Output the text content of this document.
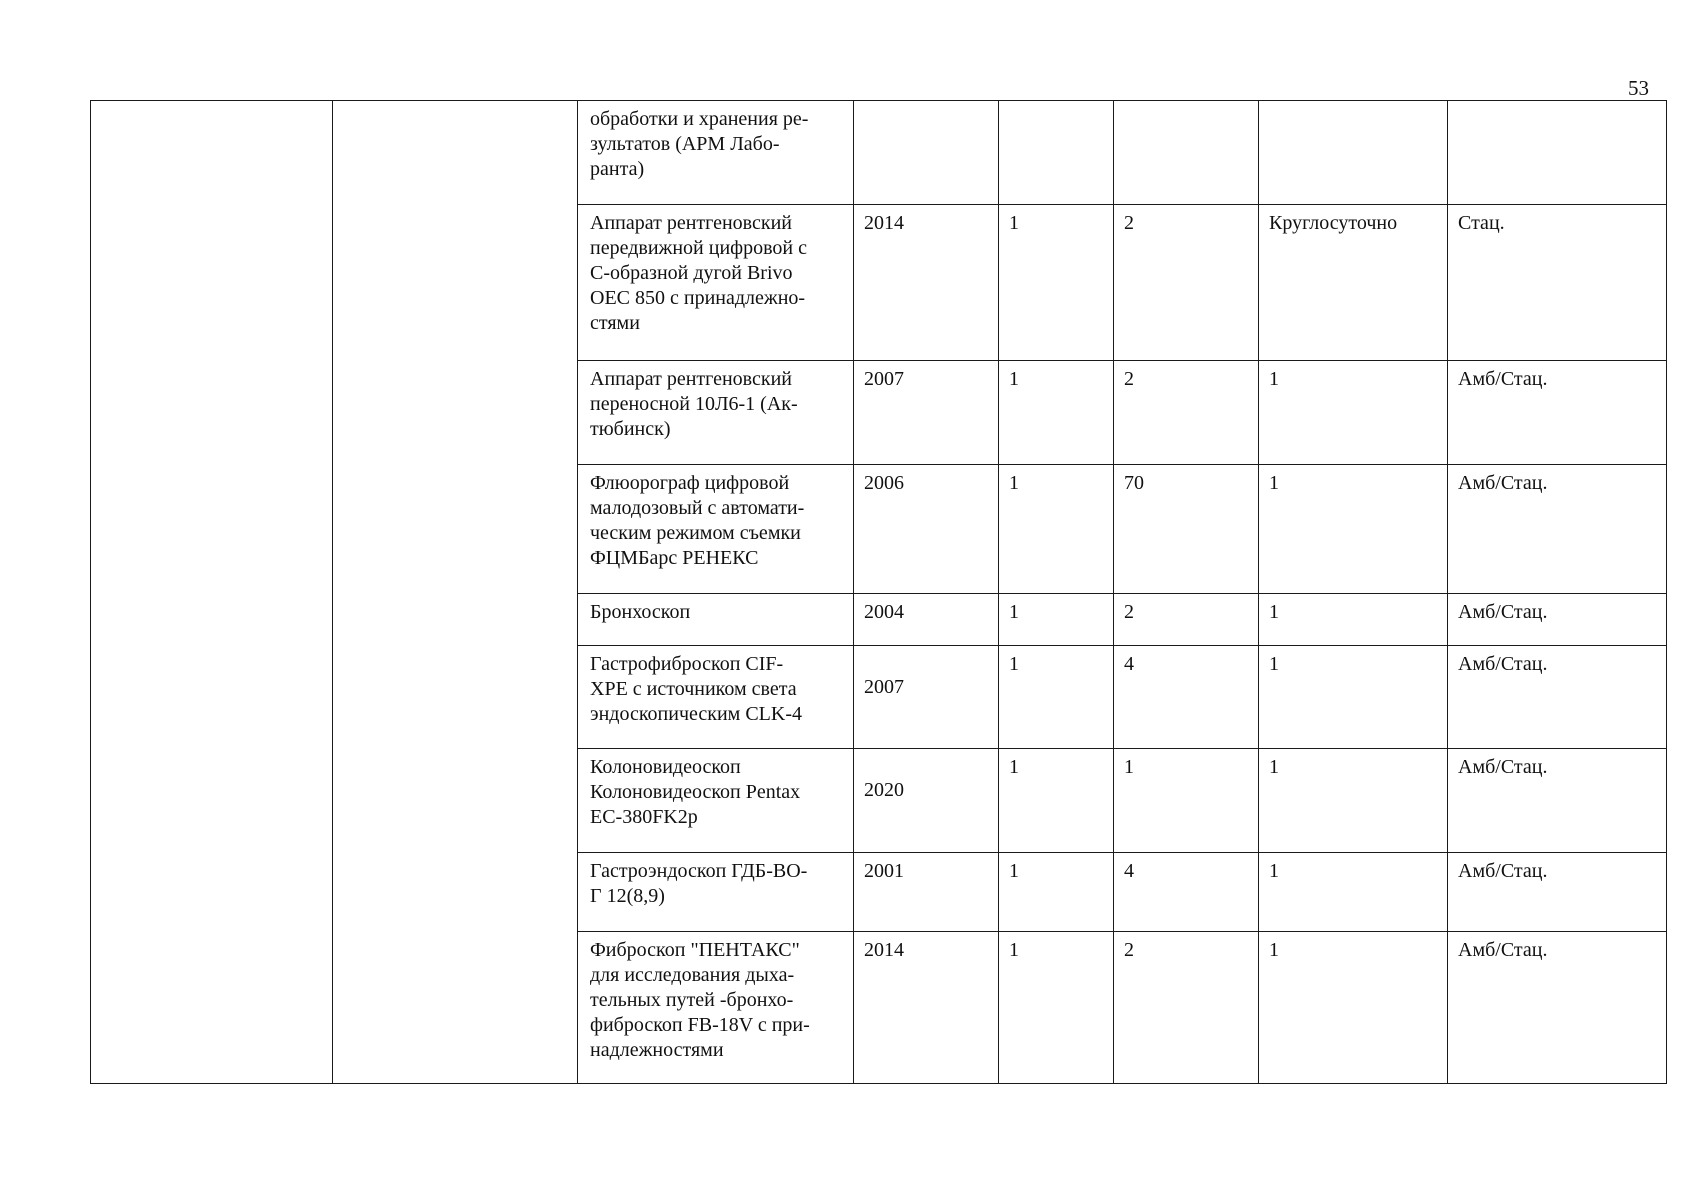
53
		обработки и хранения ре-
зультатов (АРМ Лабо-
ранта)					
		Аппарат рентгеновский
передвижной цифровой с
С-образной дугой Brivo
OEC 850 с принадлежно-
стями	2014	1	2	Круглосуточно	Стац.
		Аппарат рентгеновский
переносной 10Л6-1 (Ак-
тюбинск)	2007	1	2	1	Амб/Стац.
		Флюорограф цифровой
малодозовый с автомати-
ческим режимом съемки
ФЦМБарс РЕНЕКС	2006	1	70	1	Амб/Стац.
		Бронхоскоп	2004	1	2	1	Амб/Стац.
		Гастрофиброскоп CIF-
XPE с источником света
эндоскопическим CLK-4	2007	1	4	1	Амб/Стац.
		Колоновидеоскоп
Колоновидеоскоп Pentax
EC-380FK2p	2020	1	1	1	Амб/Стац.
		Гастроэндоскоп ГДБ-ВО-
Г 12(8,9)	2001	1	4	1	Амб/Стац.
		Фиброскоп "ПЕНТАКС"
для исследования дыха-
тельных путей -бронхо-
фиброскоп FB-18V с при-
надлежностями	2014	1	2	1	Амб/Стац.
